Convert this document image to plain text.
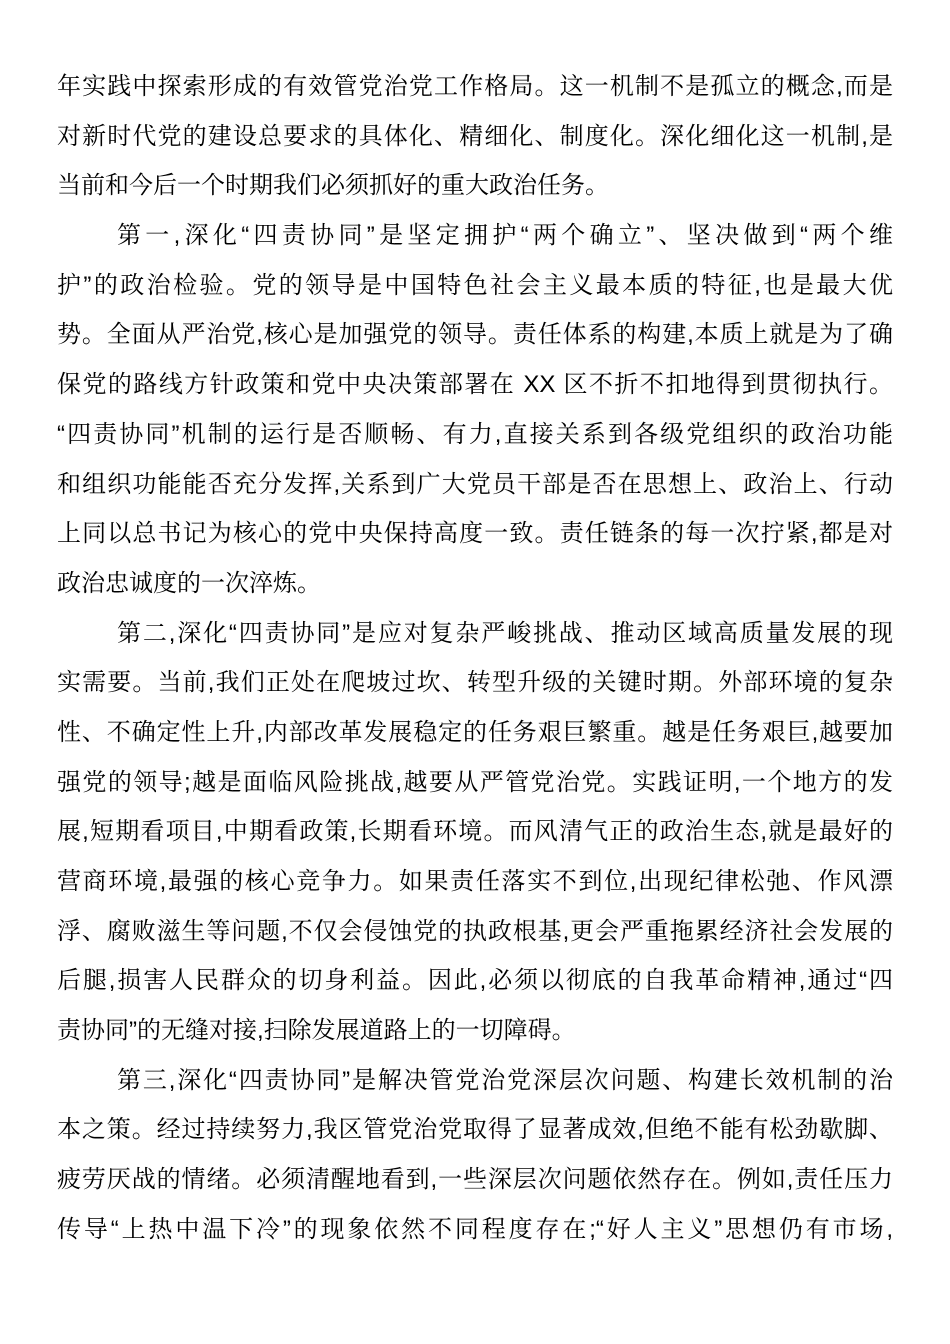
年实践中探索形成的有效管党治党工作格局。这一机制不是孤立的概念,而是
对新时代党的建设总要求的具体化、精细化、制度化。深化细化这一机制,是
当前和今后一个时期我们必须抓好的重大政治任务。
第一,深化“四责协同”是坚定拥护“两个确立”、坚决做到“两个维
护”的政治检验。党的领导是中国特色社会主义最本质的特征,也是最大优
势。全面从严治党,核心是加强党的领导。责任体系的构建,本质上就是为了确
保党的路线方针政策和党中央决策部署在 XX 区不折不扣地得到贯彻执行。
“四责协同”机制的运行是否顺畅、有力,直接关系到各级党组织的政治功能
和组织功能能否充分发挥,关系到广大党员干部是否在思想上、政治上、行动
上同以总书记为核心的党中央保持高度一致。责任链条的每一次拧紧,都是对
政治忠诚度的一次淬炼。
第二,深化“四责协同”是应对复杂严峻挑战、推动区域高质量发展的现
实需要。当前,我们正处在爬坡过坎、转型升级的关键时期。外部环境的复杂
性、不确定性上升,内部改革发展稳定的任务艰巨繁重。越是任务艰巨,越要加
强党的领导;越是面临风险挑战,越要从严管党治党。实践证明,一个地方的发
展,短期看项目,中期看政策,长期看环境。而风清气正的政治生态,就是最好的
营商环境,最强的核心竞争力。如果责任落实不到位,出现纪律松弛、作风漂
浮、腐败滋生等问题,不仅会侵蚀党的执政根基,更会严重拖累经济社会发展的
后腿,损害人民群众的切身利益。因此,必须以彻底的自我革命精神,通过“四
责协同”的无缝对接,扫除发展道路上的一切障碍。
第三,深化“四责协同”是解决管党治党深层次问题、构建长效机制的治
本之策。经过持续努力,我区管党治党取得了显著成效,但绝不能有松劲歇脚、
疲劳厌战的情绪。必须清醒地看到,一些深层次问题依然存在。例如,责任压力
传导“上热中温下冷”的现象依然不同程度存在;“好人主义”思想仍有市场,
